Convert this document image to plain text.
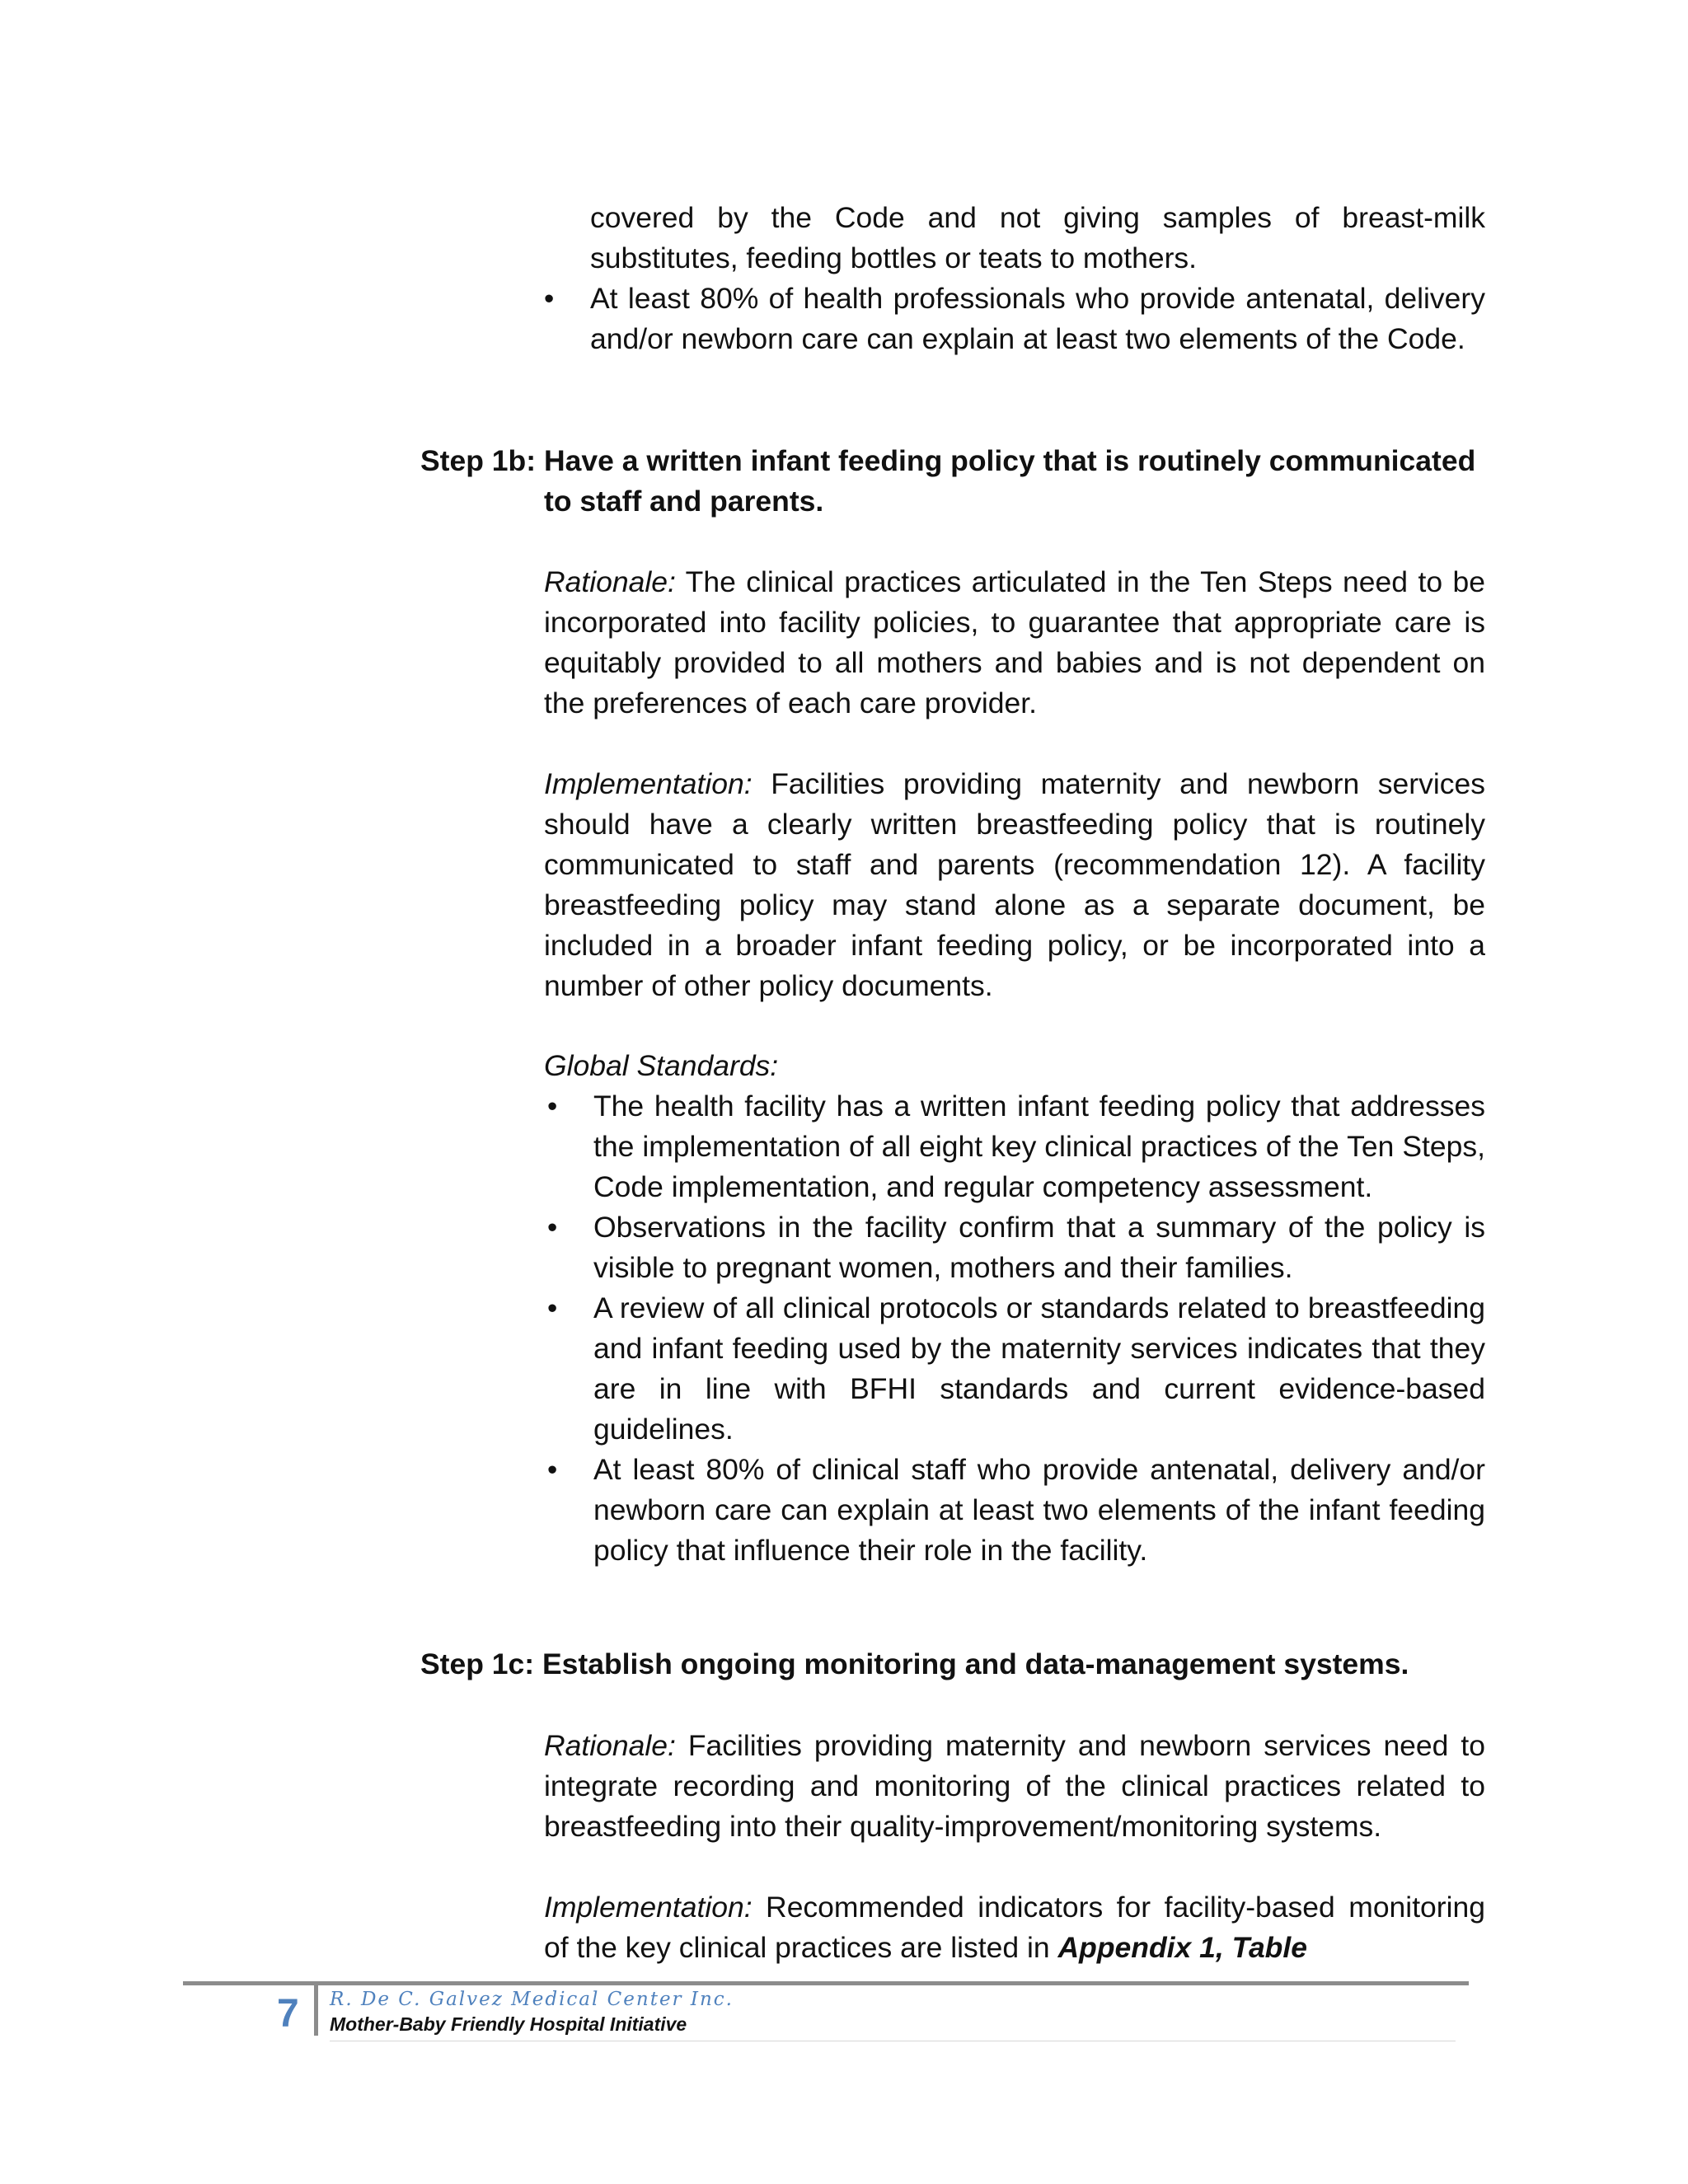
covered by the Code and not giving samples of breast-milk substitutes, feeding bottles or teats to mothers.

• At least 80% of health professionals who provide antenatal, delivery and/or newborn care can explain at least two elements of the Code.
Step 1b: Have a written infant feeding policy that is routinely communicated to staff and parents.

Rationale: The clinical practices articulated in the Ten Steps need to be incorporated into facility policies, to guarantee that appropriate care is equitably provided to all mothers and babies and is not dependent on the preferences of each care provider.

Implementation: Facilities providing maternity and newborn services should have a clearly written breastfeeding policy that is routinely communicated to staff and parents (recommendation 12). A facility breastfeeding policy may stand alone as a separate document, be included in a broader infant feeding policy, or be incorporated into a number of other policy documents.

Global Standards:

• The health facility has a written infant feeding policy that addresses the implementation of all eight key clinical practices of the Ten Steps, Code implementation, and regular competency assessment.
• Observations in the facility confirm that a summary of the policy is visible to pregnant women, mothers and their families.
• A review of all clinical protocols or standards related to breastfeeding and infant feeding used by the maternity services indicates that they are in line with BFHI standards and current evidence-based guidelines.
• At least 80% of clinical staff who provide antenatal, delivery and/or newborn care can explain at least two elements of the infant feeding policy that influence their role in the facility.
Step 1c: Establish ongoing monitoring and data-management systems.

Rationale: Facilities providing maternity and newborn services need to integrate recording and monitoring of the clinical practices related to breastfeeding into their quality-improvement/monitoring systems.

Implementation: Recommended indicators for facility-based monitoring of the key clinical practices are listed in Appendix 1, Table

7	R. De C. Galvez Medical Center Inc.
Mother-Baby Friendly Hospital Initiative
